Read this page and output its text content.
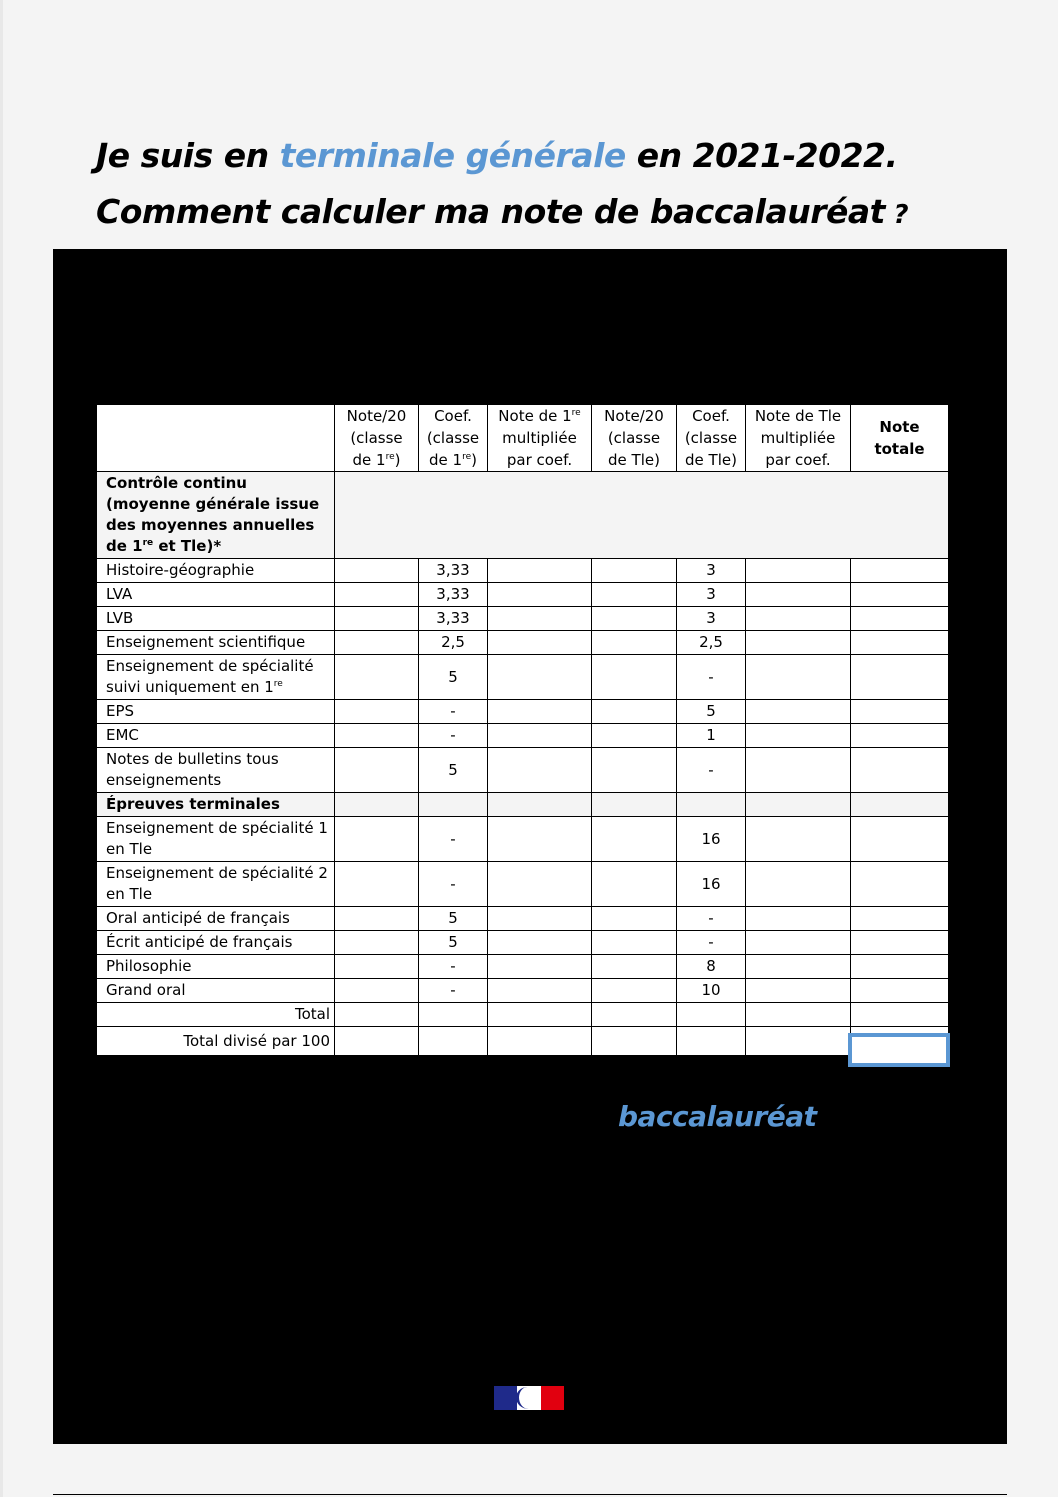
Je suis en terminale générale en 2021-2022.
Comment calculer ma note de baccalauréat ?
	Note/20
(classe
de 1re)	Coef.
(classe
de 1re)	Note de 1re
multipliée
par coef.	Note/20
(classe
de Tle)	Coef.
(classe
de Tle)	Note de Tle
multipliée
par coef.	Note
totale
Contrôle continu
(moyenne générale issue
des moyennes annuelles
de 1re et Tle)*							
Histoire-géographie		3,33			3		
LVA		3,33			3		
LVB		3,33			3		
Enseignement scientifique		2,5			2,5		
Enseignement de spécialité
suivi uniquement en 1re		5			-		
EPS		-			5		
EMC		-			1		
Notes de bulletins tous
enseignements		5			-		
Épreuves terminales							
Enseignement de spécialité 1
en Tle		-			16		
Enseignement de spécialité 2
en Tle		-			16		
Oral anticipé de français		5			-		
Écrit anticipé de français		5			-		
Philosophie		-			8		
Grand oral		-			10		
Total							
Total divisé par 100							
baccalauréat
